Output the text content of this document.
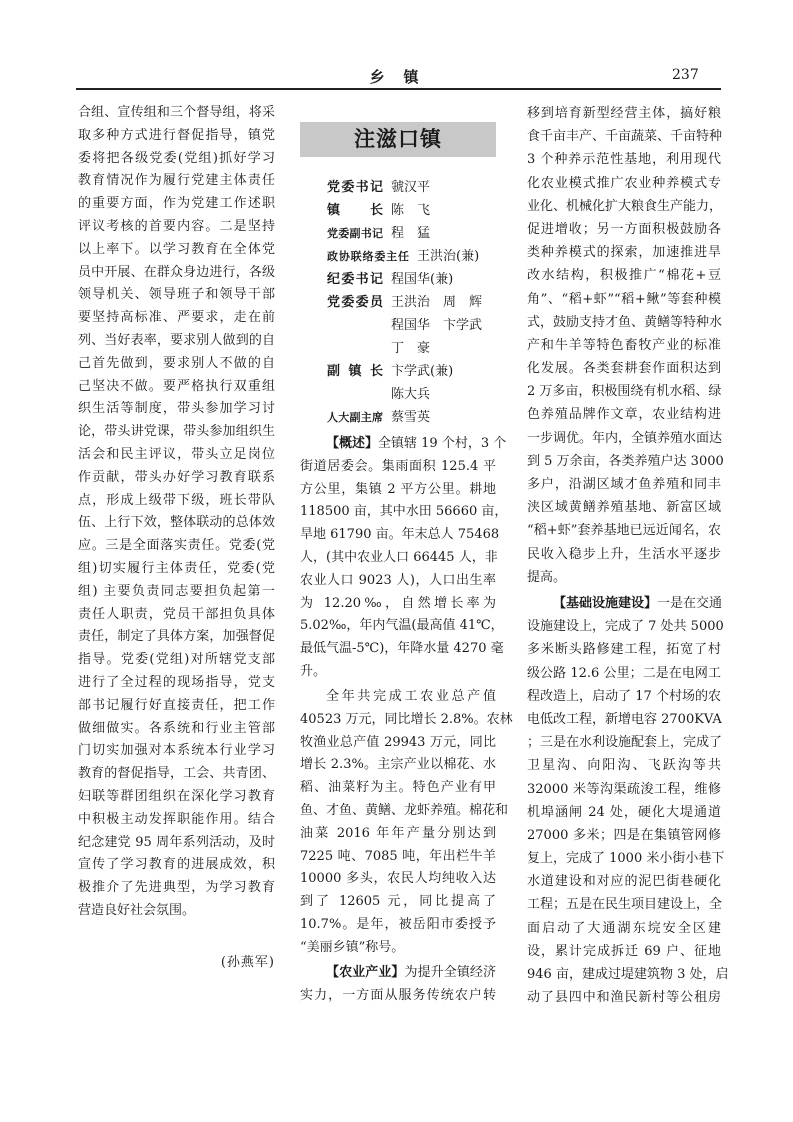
乡　镇	237
合组、宣传组和三个督导组，将采
取多种方式进行督促指导，镇党
委将把各级党委(党组)抓好学习
教育情况作为履行党建主体责任
的重要方面，作为党建工作述职
评议考核的首要内容。二是坚持
以上率下。以学习教育在全体党
员中开展、在群众身边进行，各级
领导机关、领导班子和领导干部
要坚持高标准、严要求，走在前
列、当好表率，要求别人做到的自
己首先做到，要求别人不做的自
己坚决不做。要严格执行双重组
织生活等制度，带头参加学习讨
论，带头讲党课，带头参加组织生
活会和民主评议，带头立足岗位
作贡献，带头办好学习教育联系
点，形成上级带下级，班长带队
伍、上行下效，整体联动的总体效
应。三是全面落实责任。党委(党
组)切实履行主体责任，党委(党
组) 主要负责同志要担负起第一
责任人职责，党员干部担负具体
责任，制定了具体方案，加强督促
指导。党委(党组)对所辖党支部
进行了全过程的现场指导，党支
部书记履行好直接责任，把工作
做细做实。各系统和行业主管部
门切实加强对本系统本行业学习
教育的督促指导，工会、共青团、
妇联等群团组织在深化学习教育
中积极主动发挥职能作用。结合
纪念建党 95 周年系列活动，及时
宣传了学习教育的进展成效，积
极推介了先进典型，为学习教育
营造良好社会氛围。
(孙燕军)
注滋口镇
党委书记 虢汉平
镇长 陈　飞
党委副书记 程　猛
政协联络委主任 王洪治(兼)
纪委书记 程国华(兼)
党委委员 王洪治　周　辉
程国华　卞学武
丁　豪
副镇长 卞学武(兼)
陈大兵
人大副主席 蔡雪英
【概述】全镇辖 19 个村，3 个
街道居委会。集雨面积 125.4 平
方公里，集镇 2 平方公里。耕地
118500 亩，其中水田 56660 亩，
旱地 61790 亩。年末总人 75468
人，(其中农业人口 66445 人，非
农业人口 9023 人)，人口出生率
为 12.20‰，自然增长率为
5.02‰，年内气温(最高值 41℃，
最低气温-5℃)，年降水量 4270 毫
升。
全年共完成工农业总产值
40523 万元，同比增长 2.8%。农林
牧渔业总产值 29943 万元，同比
增长 2.3%。主宗产业以棉花、水
稻、油菜籽为主。特色产业有甲
鱼、才鱼、黄鳝、龙虾养殖。棉花和
油菜 2016 年年产量分别达到
7225 吨、7085 吨，年出栏牛羊
10000 多头，农民人均纯收入达
到了 12605 元，同比提高了
10.7%。是年，被岳阳市委授予
“美丽乡镇”称号。
【农业产业】为提升全镇经济
实力，一方面从服务传统农户转
移到培育新型经营主体，搞好粮
食千亩丰产、千亩蔬菜、千亩特种
3 个种养示范性基地，利用现代
化农业模式推广农业种养模式专
业化、机械化扩大粮食生产能力，
促进增收；另一方面积极鼓励各
类种养模式的探索，加速推进旱
改水结构，积极推广“棉花+豆
角”、“稻+虾”“稻+鳅”等套种模
式，鼓励支持才鱼、黄鳝等特种水
产和牛羊等特色畜牧产业的标准
化发展。各类套耕套作面积达到
2 万多亩，积极围绕有机水稻、绿
色养殖品牌作文章，农业结构进
一步调优。年内，全镇养殖水面达
到 5 万余亩，各类养殖户达 3000
多户，沿湖区域才鱼养殖和同丰
浃区域黄鳝养殖基地、新富区域
“稻+虾”套养基地已远近闻名，农
民收入稳步上升，生活水平逐步
提高。
【基础设施建设】一是在交通
设施建设上，完成了 7 处共 5000
多米断头路修建工程，拓宽了村
级公路 12.6 公里；二是在电网工
程改造上，启动了 17 个村场的农
电低改工程，新增电容 2700KVA
；三是在水利设施配套上，完成了
卫星沟、向阳沟、飞跃沟等共
32000 米等沟渠疏浚工程，维修
机埠涵闸 24 处，硬化大堤通道
27000 多米；四是在集镇管网修
复上，完成了 1000 米小街小巷下
水道建设和对应的泥巴街巷硬化
工程；五是在民生项目建设上，全
面启动了大通湖东垸安全区建
设，累计完成拆迁 69 户、征地
946 亩，建成过堤建筑物 3 处，启
动了县四中和渔民新村等公租房
